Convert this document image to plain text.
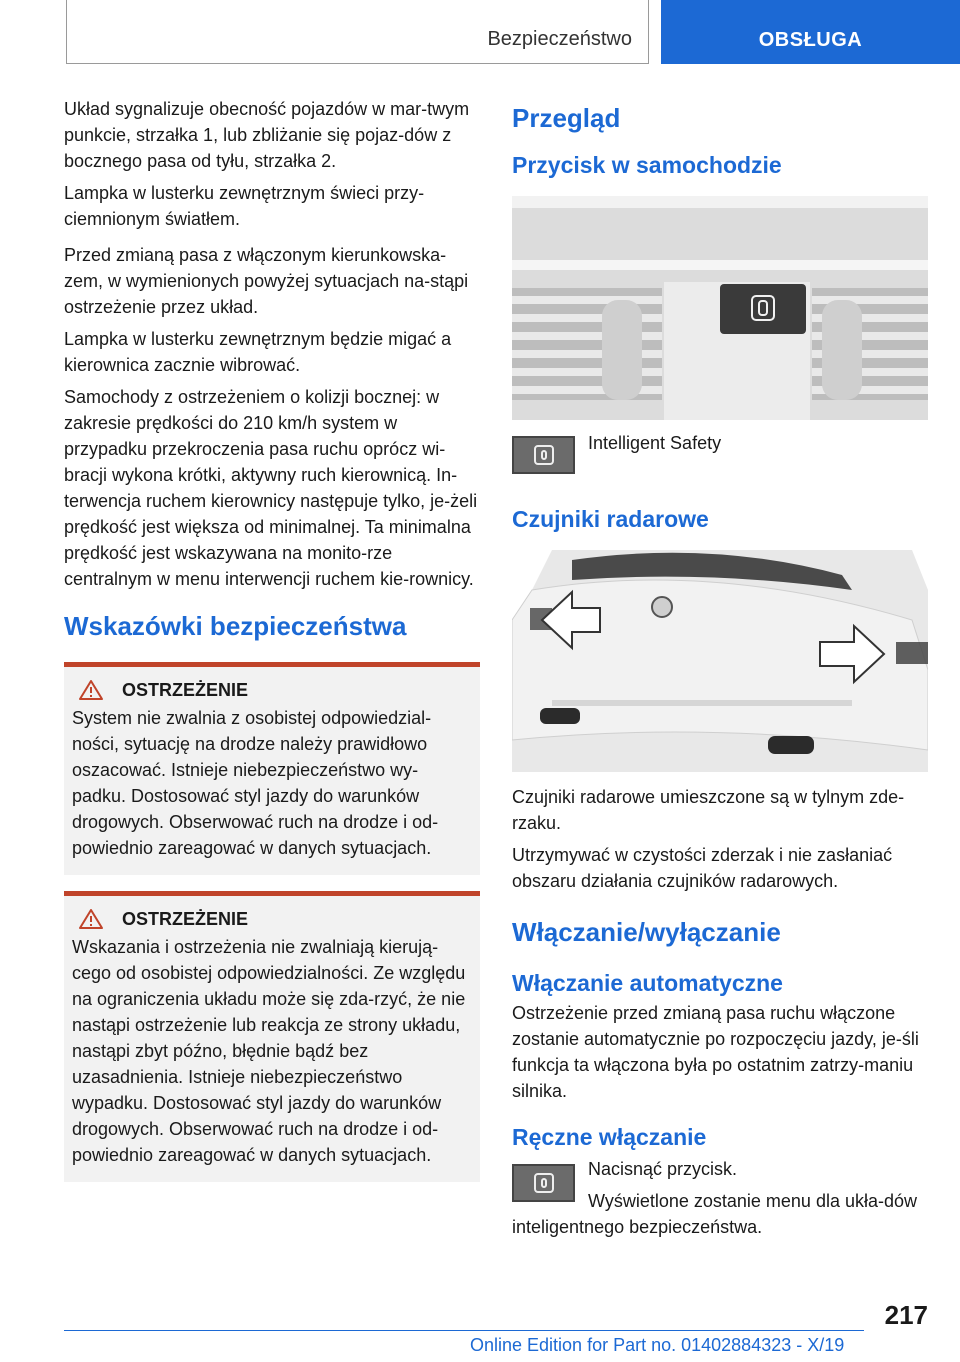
Bezpieczeństwo	OBSŁUGA

Układ sygnalizuje obecność pojazdów w mar-twym punkcie, strzałka 1, lub zbliżanie się pojaz-dów z bocznego pasa od tyłu, strzałka 2.

Lampka w lusterku zewnętrznym świeci przy-ciemnionym światłem.

Przed zmianą pasa z włączonym kierunkowska-zem, w wymienionych powyżej sytuacjach na-stąpi ostrzeżenie przez układ.

Lampka w lusterku zewnętrznym będzie migać a kierownica zacznie wibrować.

Samochody z ostrzeżeniem o kolizji bocznej: w zakresie prędkości do 210 km/h system w przypadku przekroczenia pasa ruchu oprócz wi-bracji wykona krótki, aktywny ruch kierownicą. In-terwencja ruchem kierownicy następuje tylko, je-żeli prędkość jest większa od minimalnej. Ta minimalna prędkość jest wskazywana na monito-rze centralnym w menu interwencji ruchem kie-rownicy.

Wskazówki bezpieczeństwa
OSTRZEŻENIE
System nie zwalnia z osobistej odpowiedzial-ności, sytuację na drodze należy prawidłowo oszacować. Istnieje niebezpieczeństwo wy-padku. Dostosować styl jazdy do warunków drogowych. Obserwować ruch na drodze i od-powiednio zareagować w danych sytuacjach.
OSTRZEŻENIE
Wskazania i ostrzeżenia nie zwalniają kierują-cego od osobistej odpowiedzialności. Ze względu na ograniczenia układu może się zda-rzyć, że nie nastąpi ostrzeżenie lub reakcja ze strony układu, nastąpi zbyt późno, błędnie bądź bez uzasadnienia. Istnieje niebezpieczeństwo wypadku. Dostosować styl jazdy do warunków drogowych. Obserwować ruch na drodze i od-powiednio zareagować w danych sytuacjach.
Przegląd
Przycisk w samochodzie
Intelligent Safety
Czujniki radarowe

Czujniki radarowe umieszczone są w tylnym zde-rzaku.

Utrzymywać w czystości zderzak i nie zasłaniać obszaru działania czujników radarowych.

Włączanie/wyłączanie
Włączanie automatyczne

Ostrzeżenie przed zmianą pasa ruchu włączone zostanie automatycznie po rozpoczęciu jazdy, je-śli funkcja ta włączona była po ostatnim zatrzy-maniu silnika.

Ręczne włączanie

Nacisnąć przycisk.

Wyświetlone zostanie menu dla ukła-dów inteligentnego bezpieczeństwa.

217
Online Edition for Part no. 01402884323 - X/19
